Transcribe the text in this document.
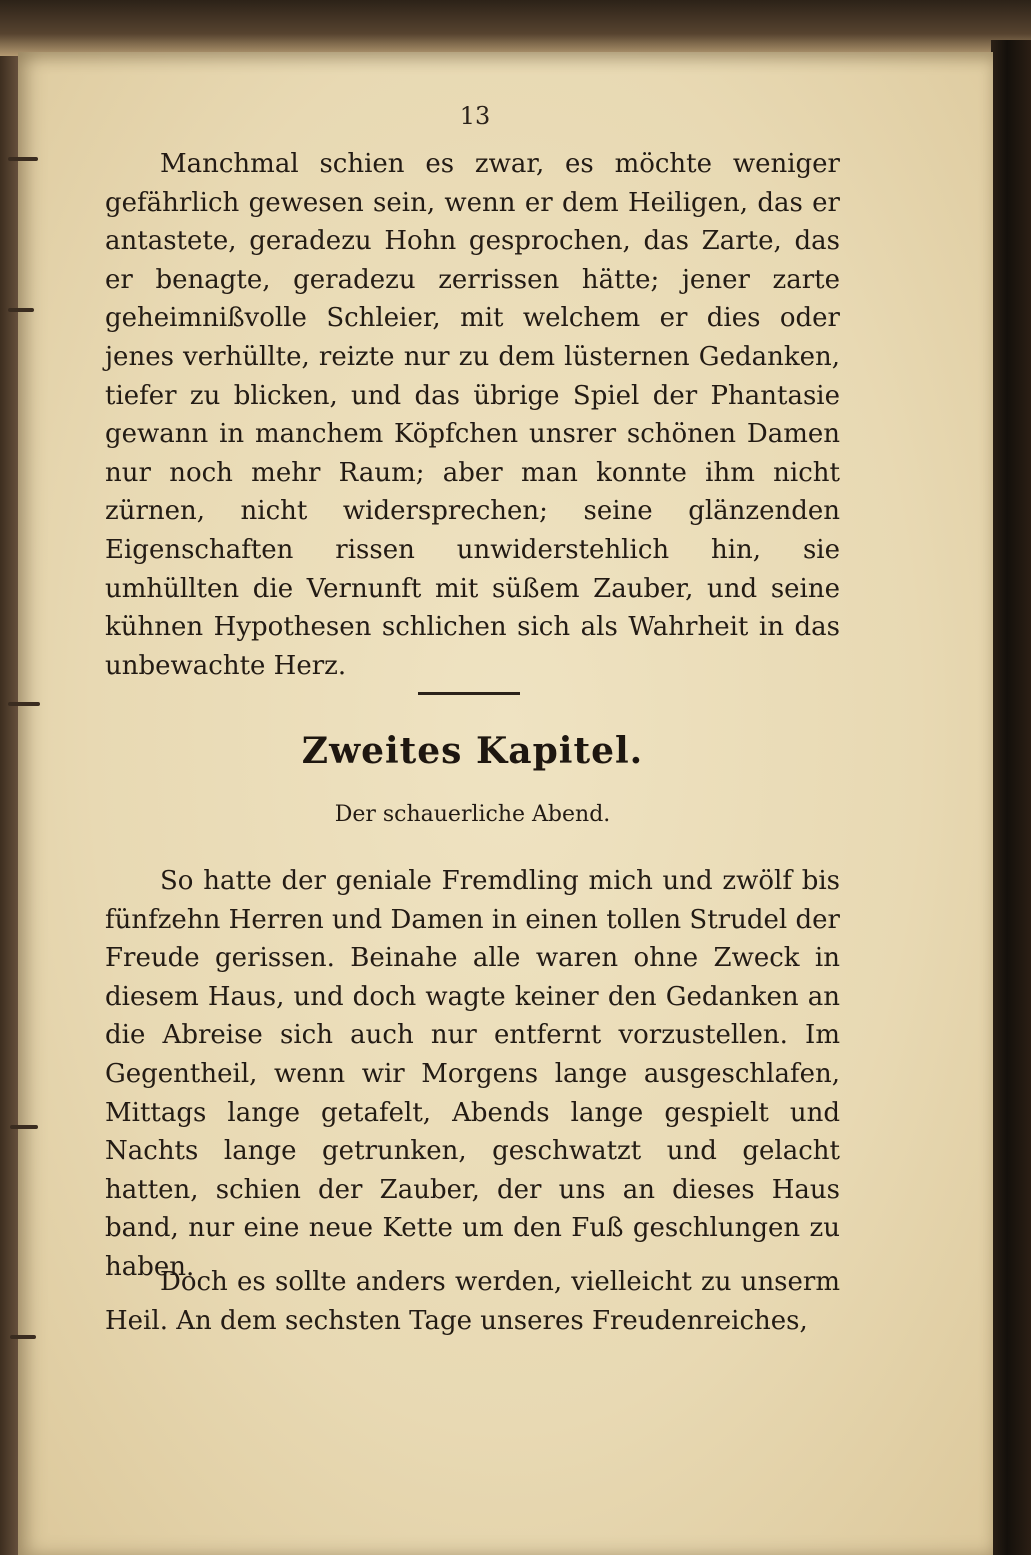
13
Manchmal schien es zwar, es möchte weniger gefährlich gewesen sein, wenn er dem Heiligen, das er antastete, geradezu Hohn gesprochen, das Zarte, das er benagte, geradezu zerrissen hätte; jener zarte geheimnißvolle Schleier, mit welchem er dies oder jenes verhüllte, reizte nur zu dem lüsternen Gedanken, tiefer zu blicken, und das übrige Spiel der Phantasie gewann in manchem Köpfchen unsrer schönen Damen nur noch mehr Raum; aber man konnte ihm nicht zürnen, nicht widersprechen; seine glänzenden Eigenschaften rissen unwiderstehlich hin, sie umhüllten die Vernunft mit süßem Zauber, und seine kühnen Hypothesen schlichen sich als Wahrheit in das unbewachte Herz.
Zweites Kapitel.
Der schauerliche Abend.
So hatte der geniale Fremdling mich und zwölf bis fünfzehn Herren und Damen in einen tollen Strudel der Freude gerissen. Beinahe alle waren ohne Zweck in diesem Haus, und doch wagte keiner den Gedanken an die Abreise sich auch nur entfernt vorzustellen. Im Gegentheil, wenn wir Morgens lange ausgeschlafen, Mittags lange getafelt, Abends lange gespielt und Nachts lange getrunken, geschwatzt und gelacht hatten, schien der Zauber, der uns an dieses Haus band, nur eine neue Kette um den Fuß geschlungen zu haben.
Doch es sollte anders werden, vielleicht zu unserm Heil. An dem sechsten Tage unseres Freudenreiches,
